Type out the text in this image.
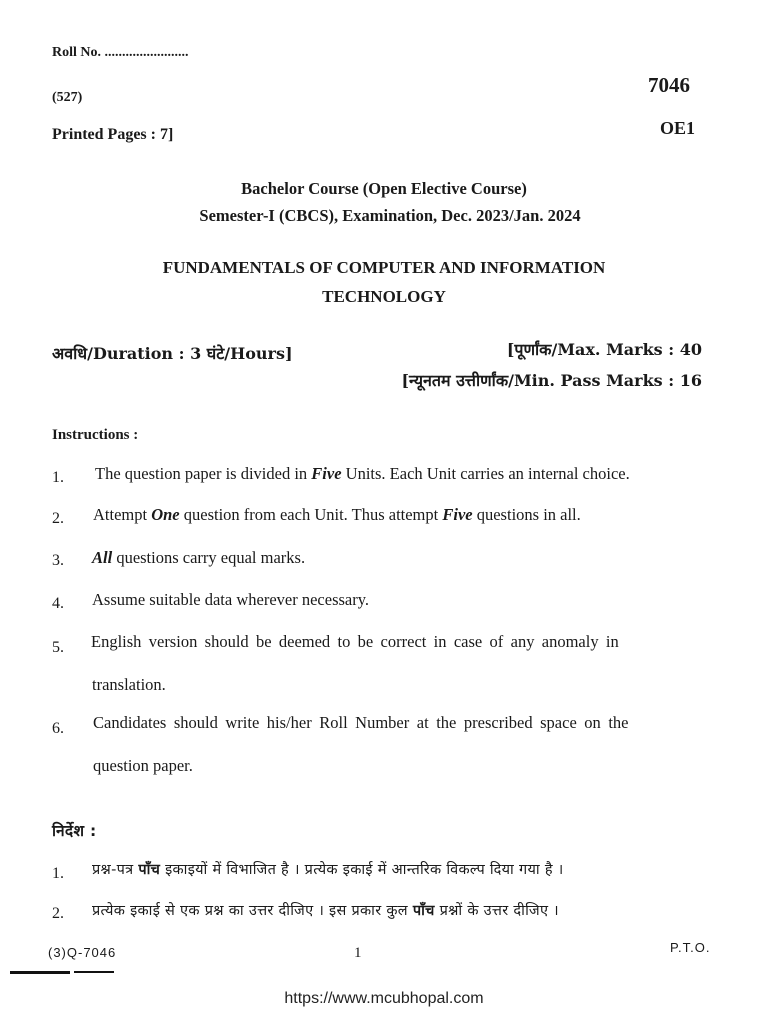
Roll No. ........................
(527)
Printed Pages : 7]
7046
OE1
Bachelor Course (Open Elective Course)
Semester-I (CBCS), Examination, Dec. 2023/Jan. 2024
FUNDAMENTALS OF COMPUTER AND INFORMATION
TECHNOLOGY
अवधि/Duration : 3 घंटे/Hours]	[पूर्णांक/Max. Marks : 40
[न्यूनतम उत्तीर्णांक/Min. Pass Marks : 16
Instructions :
1. The question paper is divided in Five Units. Each Unit carries an internal choice.
2. Attempt One question from each Unit. Thus attempt Five questions in all.
3. All questions carry equal marks.
4. Assume suitable data wherever necessary.
5. English version should be deemed to be correct in case of any anomaly in
translation.
6. Candidates should write his/her Roll Number at the prescribed space on the
question paper.
निर्देश :
1. प्रश्न-पत्र पाँच इकाइयों में विभाजित है । प्रत्येक इकाई में आन्तरिक विकल्प दिया गया है ।
2. प्रत्येक इकाई से एक प्रश्न का उत्तर दीजिए । इस प्रकार कुल पाँच प्रश्नों के उत्तर दीजिए ।
(3)Q-7046	1	P.T.O.
https://www.mcubhopal.com
